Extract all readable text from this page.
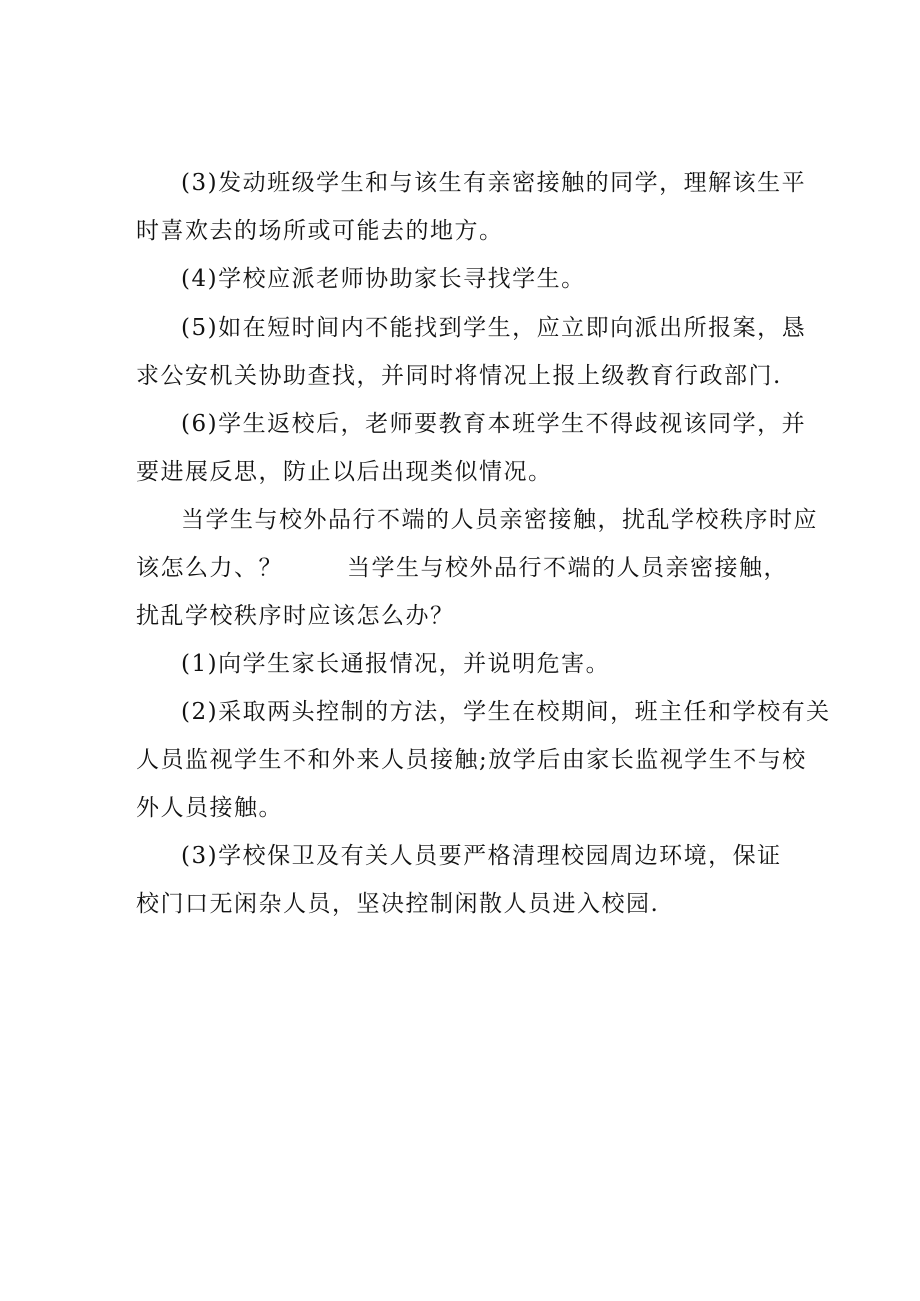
(3)发动班级学生和与该生有亲密接触的同学，理解该生平
时喜欢去的场所或可能去的地方。
(4)学校应派老师协助家长寻找学生。
(5)如在短时间内不能找到学生，应立即向派出所报案，恳
求公安机关协助查找，并同时将情况上报上级教育行政部门.
(6)学生返校后，老师要教育本班学生不得歧视该同学，并
要进展反思，防止以后出现类似情况。
当学生与校外品行不端的人员亲密接触，扰乱学校秩序时应
该怎么力、？	当学生与校外品行不端的人员亲密接触，
扰乱学校秩序时应该怎么办？
(1)向学生家长通报情况，并说明危害。
(2)采取两头控制的方法，学生在校期间，班主任和学校有关
人员监视学生不和外来人员接触;放学后由家长监视学生不与校
外人员接触。
(3)学校保卫及有关人员要严格清理校园周边环境，保证
校门口无闲杂人员，坚决控制闲散人员进入校园.
